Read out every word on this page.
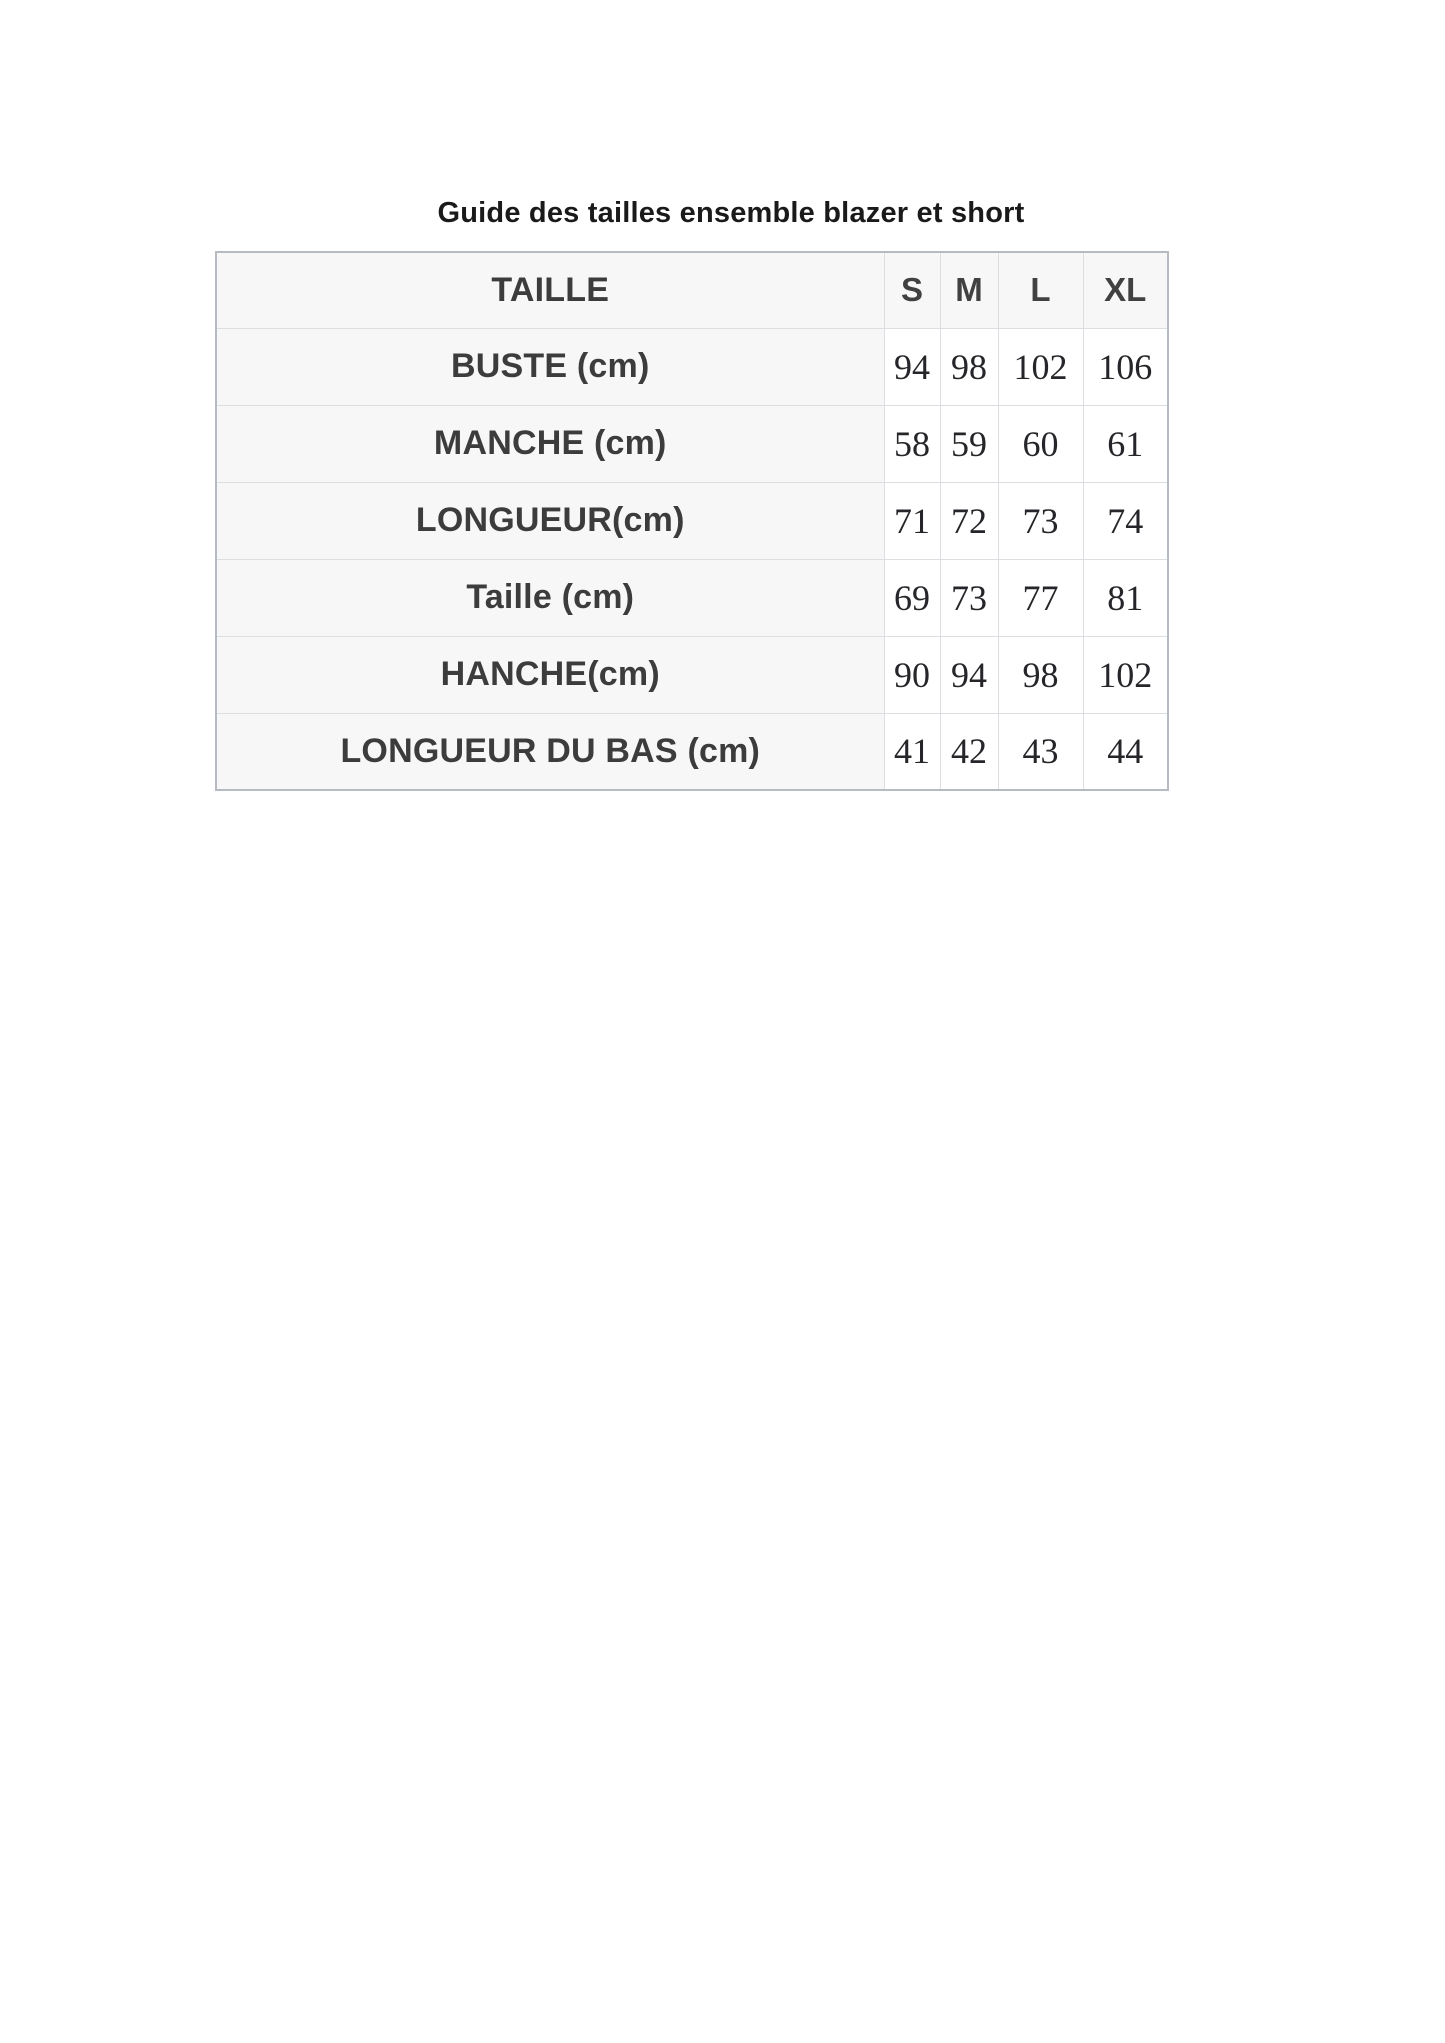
Guide des tailles ensemble blazer et short
TAILLE	S	M	L	XL
BUSTE (cm)	94	98	102	106
MANCHE (cm)	58	59	60	61
LONGUEUR(cm)	71	72	73	74
Taille (cm)	69	73	77	81
HANCHE(cm)	90	94	98	102
LONGUEUR DU BAS (cm)	41	42	43	44
